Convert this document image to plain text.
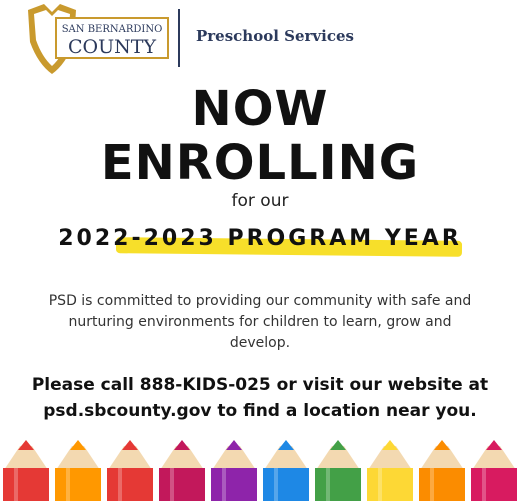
SAN BERNARDINO
COUNTY	Preschool Services
NOW
ENROLLING
for our
2022-2023 PROGRAM YEAR
PSD is committed to providing our community with safe and nurturing environments for children to learn, grow and develop.
Please call 888-KIDS-025 or visit our website at psd.sbcounty.gov to find a location near you.
